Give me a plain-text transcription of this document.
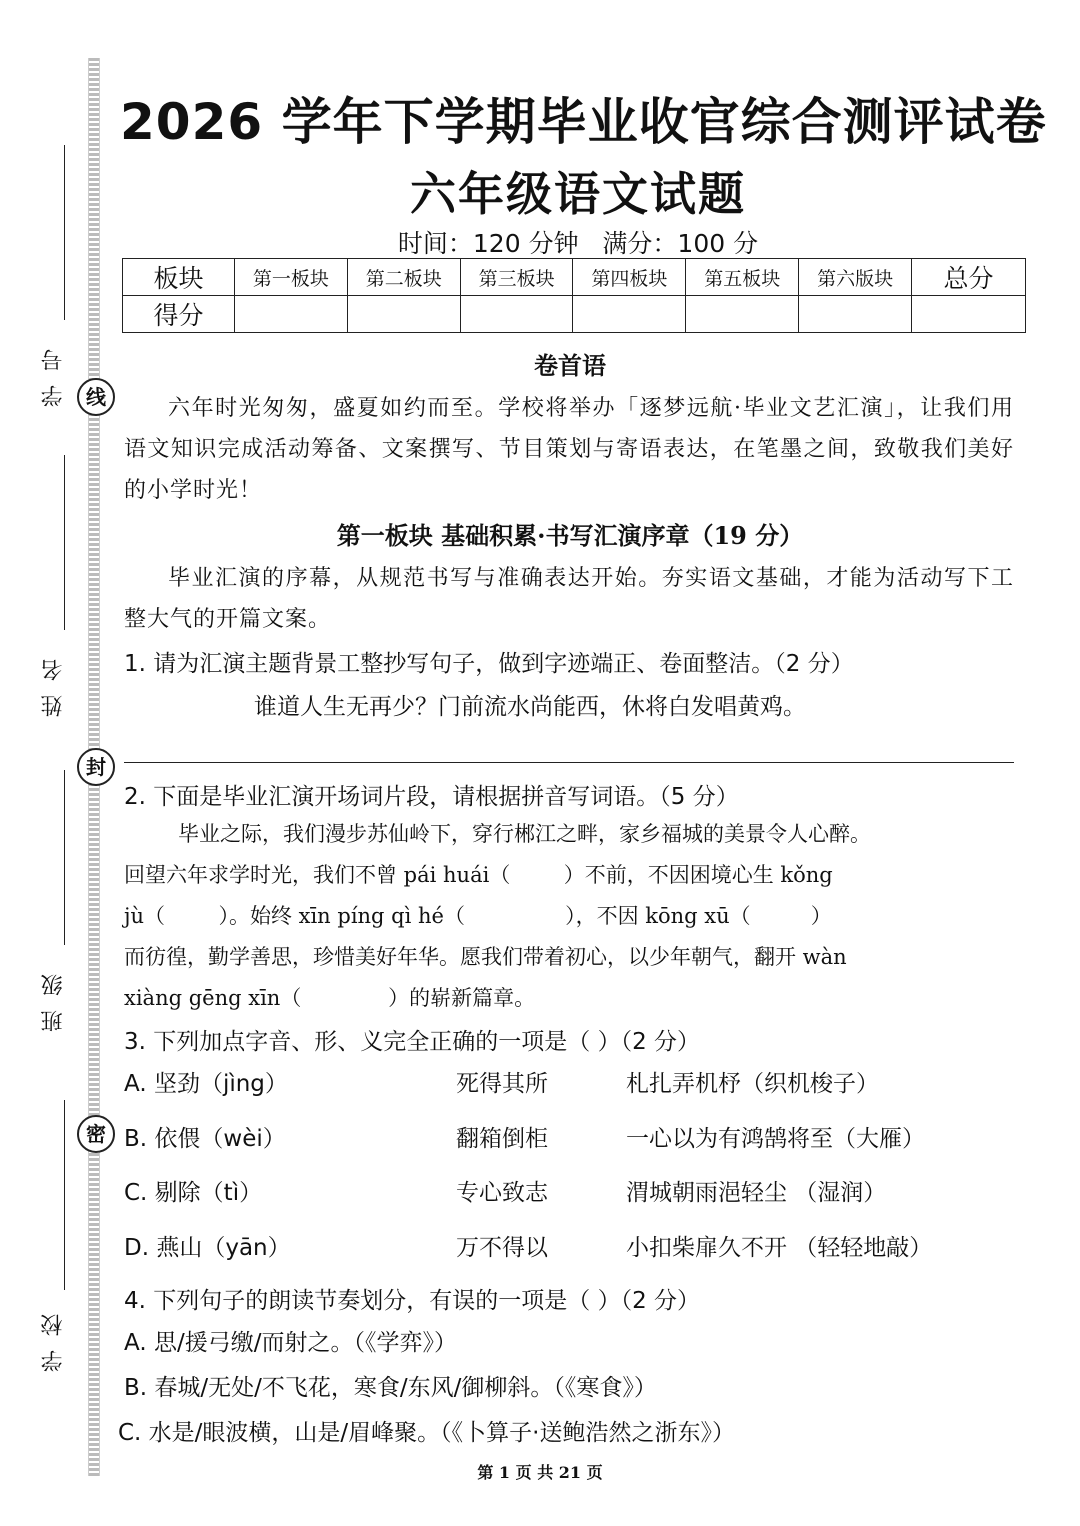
学号
姓名
班级
学校
线
封
密
2026 学年下学期毕业收官综合测评试卷
六年级语文试题
时间：120 分钟   满分：100 分
板块	第一板块	第二板块	第三板块	第四板块	第五板块	第六版块	总分
得分							
卷首语
六年时光匆匆，盛夏如约而至。学校将举办「逐梦远航·毕业文艺汇演」，让我们用语文知识完成活动筹备、文案撰写、节目策划与寄语表达，在笔墨之间，致敬我们美好的小学时光！
第一板块 基础积累·书写汇演序章（19 分）
毕业汇演的序幕，从规范书写与准确表达开始。夯实语文基础，才能为活动写下工整大气的开篇文案。
1. 请为汇演主题背景工整抄写句子，做到字迹端正、卷面整洁。（2 分）
谁道人生无再少？门前流水尚能西，休将白发唱黄鸡。
2. 下面是毕业汇演开场词片段，请根据拼音写词语。（5 分）
毕业之际，我们漫步苏仙岭下，穿行郴江之畔，家乡福城的美景令人心醉。
回望六年求学时光，我们不曾 pái huái（        ）不前，不因困境心生 kǒng
jù（        ）。始终 xīn píng qì hé（               ），不因 kōng xū（         ）
而彷徨，勤学善思，珍惜美好年华。愿我们带着初心，以少年朝气，翻开 wàn
xiàng gēng xīn（             ）的崭新篇章。
3. 下列加点字音、形、义完全正确的一项是（ ）（2 分）
A. 坚劲（jìng）	死得其所	札扎弄机杼（织机梭子）
B. 依偎（wèi）	翻箱倒柜	一心以为有鸿鹄将至（大雁）
C. 剔除（tì）	专心致志	渭城朝雨浥轻尘 （湿润）
D. 燕山（yān）	万不得以	小扣柴扉久不开 （轻轻地敲）
4. 下列句子的朗读节奏划分，有误的一项是（ ）（2 分）
A. 思/援弓缴/而射之。（《学弈》）
B. 春城/无处/不飞花，寒食/东风/御柳斜。（《寒食》）
C. 水是/眼波横，山是/眉峰聚。（《卜算子·送鲍浩然之浙东》）
第 1 页 共 21 页
